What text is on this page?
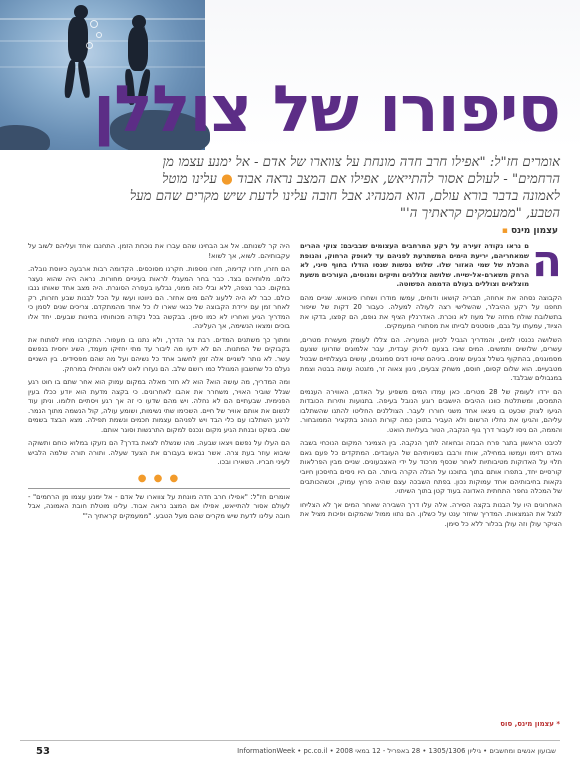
סיפורו של צוללן
אומרים חז"ל: "אפילו חרב חדה מונחת על צווארו של אדם - אל ימנע עצמו מן הרחמים" - לעולם אסור להתייאש, אפילו אם המצב נראה אבוד ● עלינו מוטל לאמונה בדבר בורא עולם, הוא המנהיג אבל חובה עלינו לדעת שיש מקרים שהם מעל הטבע, "ממעמקים קראתיך ה'"
עצמון מינס ▪
ה

ם נראו נקודה זעירה על רקע המרחבים העצומים שבביבם: צוקי ההרים שמאחריהם, יריעת הימים המשתרעת לפניהם עד לאופק הרחוק, והנופת התכלת של שמי האזור שלו. שלוש נפשות שנסו הודלו בחוף סיני, לא הרחק משארם-אל-שייח. שלושה צוללנים ותיקים ומנוסים, העורכים משעת מוצלאים וצוללים בעולם הדממה הפשוטה.

הקבוצה נסחה את אחוזה, תבריה קושאו ודוחים, עמשו מודרו ושחרו פיגואש. שניים מהם תחפנו על רקע ההיבלר, שהשלישי רצה לעולה למעלה. כעבור 20 דקות של שיפור בתשלובת שולח מחזה של מעוז לא נוכרת. האדרנלין הציף את גופם, הם קפצו, בדקו את הציוד, עמעתו על גבם, פוסטנים לבייתו את מסתורי המעמקים.

השלושה נכנסו למים, והמדריך הגביל לכיוון המעריה. הם צללו לעומק מעשרת מטרים, עשרים, שלושים ותמשים. המים שיבו בצעם לירוק עבדית, עבר אלמוגים שזרועו שצעם מסמוגנים, בהתקוף בשלל צבעים שונים. ביניהם שייטו דגים סמוגנים, עושים בעצלתיים שבטל מטבעיים. הוא שלום קסום, חוסם, משחק צבעים, ניגון צאוה זר, מזגטה עושה בבטה וצמת במגבולים שבלבד.

הם ירדו לעומק של 28 מטרים. כאן עמדו המים משפיע על האדם, האווירה הענמים התמכים, ומשתלטת כוונו ההיבים היושבים רוגע הנובל בעיפה. בתנועות ותירות הכובדות הגיעו לצוק שכעט בו ניצאו אחד משני חוררו לעבר. הצוללנים החליטו להתנו שהשתלבו עליהם, והגיעו את נחליו הרשום ולא העביר בתוכן כמה קורות הנוהג בתקציר הממובחור. והממה, הם ניסו לעבור דרך גוף הנקבה, הטור בעלויות הואט.

לכיבט הראשון בתגר פרח הבגזה ובחאזה לתוך הנקבה. בין הצמיגר המקום הנוכחי בשבה נאדם רזימו ועמשו במחילה, אוחז ורבבו בשניותיהם של העובדים. המתקדים כל פעם גאם תלוי על האדוקות מטיבותיות לאחר שכסף מרכוד על ידי האצבעונים. שניים מבין הפרלאות קורסיים יחד, בתפרו אותם בתוך בתוכנו על הגלה הקרה ביותר. הם היו ניסים בחיסכון חיובי נקאות בחיבותיהם אחד עמוקות נכון. בפתח השבכה עצם שהיה פרוץ עמוק, וכשהכותבים של המכלה נחפר התחתית האדונה בעוד קטן בתוך השיתוי.

האחרונים היו על הבנות בקצה הסירה. אלה עלו דרך השבירה שאחר המים אך לא הצליחו לנצל את הגמצאות. המדריך שחזר ענט על כשלון. הם נתוו ממול שהמקום ופיכות מציל את הציקר עולן וזה עולן בכלור ללא כל סימן.

היה קר לשנותם. אל אב הבחינו שהם עברו את נוכחת הזמן. התחנבו אחד ועליהם לשוב על עקבותיהם. לשוא, אך לשוא!

הם חזרו, חזרו קדימה, חזרו נוספות. חקרנו מסוכסים. הקדומה רבות ארבעה כיווסת נובלה. כלום. מלותיהם בצד. כבר בחר המעגלי לראות בעיניים מחורות. נראה היה שהוא נעצר במקום. כבר נצפה, ללא ובלי כזה ממני, נבלעו בעפרה הסוגרת. היה מצב אחד שאותו גנבו כולם. כבר לא היה ללעוג להם מים אחזר. הם ניווטו ועשו על הכל לבנות שבע חזרות, רק לאחר זמן עם ירידת הקבוצה של כנאי שארו לו כל אחד מהמתקדם. צריכים שנים לסמן כי המדריך הגיע ואחריו לא כמו סימן. בבקשה בכל נקודה מכוחותיו בחינות שבעים. יחד אלו בוכים ומצאו הנשימה, אך העלינה.

ומתוך כך משתנים המדים. רבת צר הדרך, ולא נתנו בו מעפור. התקרבו מחיו לפתוח את בקבוקים של המתנות. הם לא ידעו מה ליבור עד מתי יחזיקו מעמד, השיג יחסית בנפשם עשר. לא נותר לשניים אלה זמן לחשוב אחד כל נשיהם ועל מה שהם מפסידים. בין השניים נעלם כל שחשבון המגולל כמו רושם שלב. הם נעזרו לאט לאט והתחילו במרחק.

ומה המדריך, מה עושה הוא? הוא לא חזר מאלה במקום עמוק הוא אחר שתם בו חוט רגע שגלל שוביר האויר, משחרר את אהבו לאחרונים. כי בקצה מדעת הוא יודע ככלו בעין הפנימית. שבעתיים הם לא נחלה. ויש מהם שדעו כי זה אך רגע ויסתיים חלומו. וניתן עוד לנשום את אותם אוויר של חיים. השכימו שתי נשימות, ושומע עולה, קול הנשמה מתוך הנמר. לרגע השתלבו עם כלי הבד ויש לפניהם עצמות חכמים ונשמת תפילה. מצא הבצד בשמים שם. בשקט ובנחת הגיע מקום ונכנס למקום התרגשות וסוגר אותם.

הם העלו על נפשם ויצאו שבעה. מהו שנשלח לצאת בדרך? הם נזעקו במלוא כוחם ותשוקה שיבוא עוזר בעת צרה. אשר נבאש בעבורם את הצעד שעלה. ותורה תורה שלמה הלביש לעיני חבריו. השאירו ובכו.

● ● ●
אומרים חז"ל: "אפילו חרב חדה מונחת על צווארו של אדם - אל ימנע עצמו מן הרחמים" - לעולם אסור להתייאש, אפילו אם המצב נראה אבוד. עלינו מוטלת חובת האמונה, אבל חובה עלינו לדעת שיש מקרים שהם מעל הטבע. "ממעמקים קראתיך ה'"
* עצמון מינס, סוס
53	שבועון אנשים ומחשבים • גיליון 1305/1306 • 28 באפריל - 12 במאי 2008 • InformationWeek • pc.co.il
